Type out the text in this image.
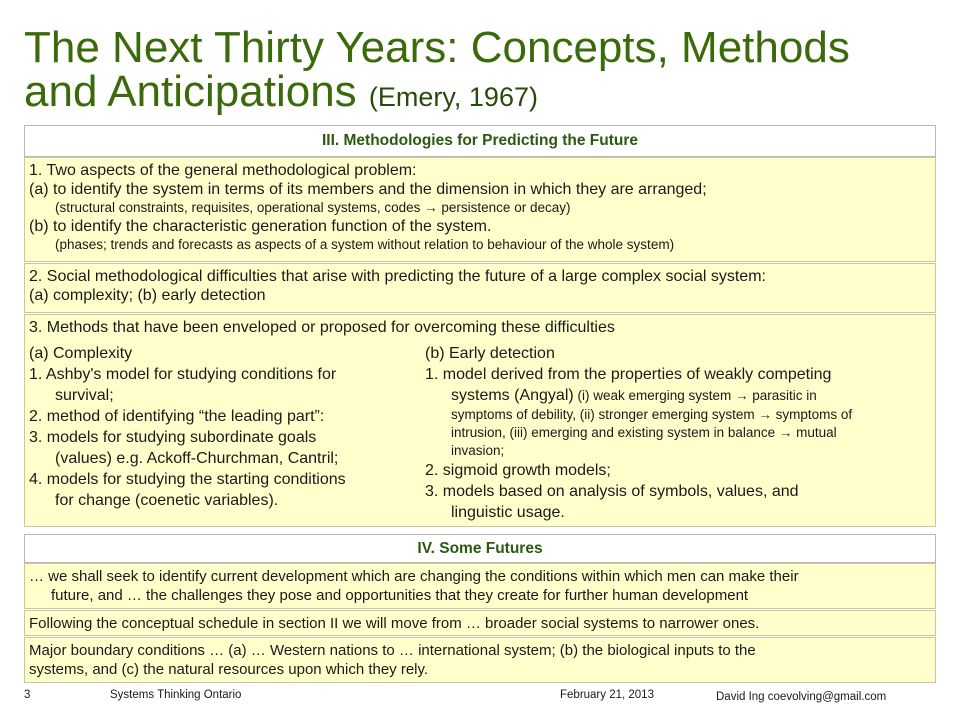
The Next Thirty Years: Concepts, Methods
and Anticipations (Emery, 1967)
III. Methodologies for Predicting the Future
1. Two aspects of the general methodological problem:
(a) to identify the system in terms of its members and the dimension in which they are arranged;
(structural constraints, requisites, operational systems, codes → persistence or decay)
(b) to identify the characteristic generation function of the system.
(phases; trends and forecasts as aspects of a system without relation to behaviour of the whole system)
2. Social methodological difficulties that arise with predicting the future of a large complex social system:
(a) complexity; (b) early detection
3. Methods that have been enveloped or proposed for overcoming these difficulties
(a) Complexity
1. Ashby's model for studying conditions for
survival;
2. method of identifying “the leading part”:
3. models for studying subordinate goals
(values) e.g. Ackoff-Churchman, Cantril;
4. models for studying the starting conditions
for change (coenetic variables).
(b) Early detection
1. model derived from the properties of weakly competing
systems (Angyal) (i) weak emerging system → parasitic in
symptoms of debility, (ii) stronger emerging system → symptoms of
intrusion, (iii) emerging and existing system in balance → mutual
invasion;
2. sigmoid growth models;
3. models based on analysis of symbols, values, and
linguistic usage.
IV. Some Futures
… we shall seek to identify current development which are changing the conditions within which men can make their
future, and … the challenges they pose and opportunities that they create for further human development
Following the conceptual schedule in section II we will move from … broader social systems to narrower ones.
Major boundary conditions … (a) … Western nations to … international system; (b) the biological inputs to the
systems, and (c) the natural resources upon which they rely.
3	Systems Thinking Ontario	February 21, 2013	David Ing coevolving@gmail.com
